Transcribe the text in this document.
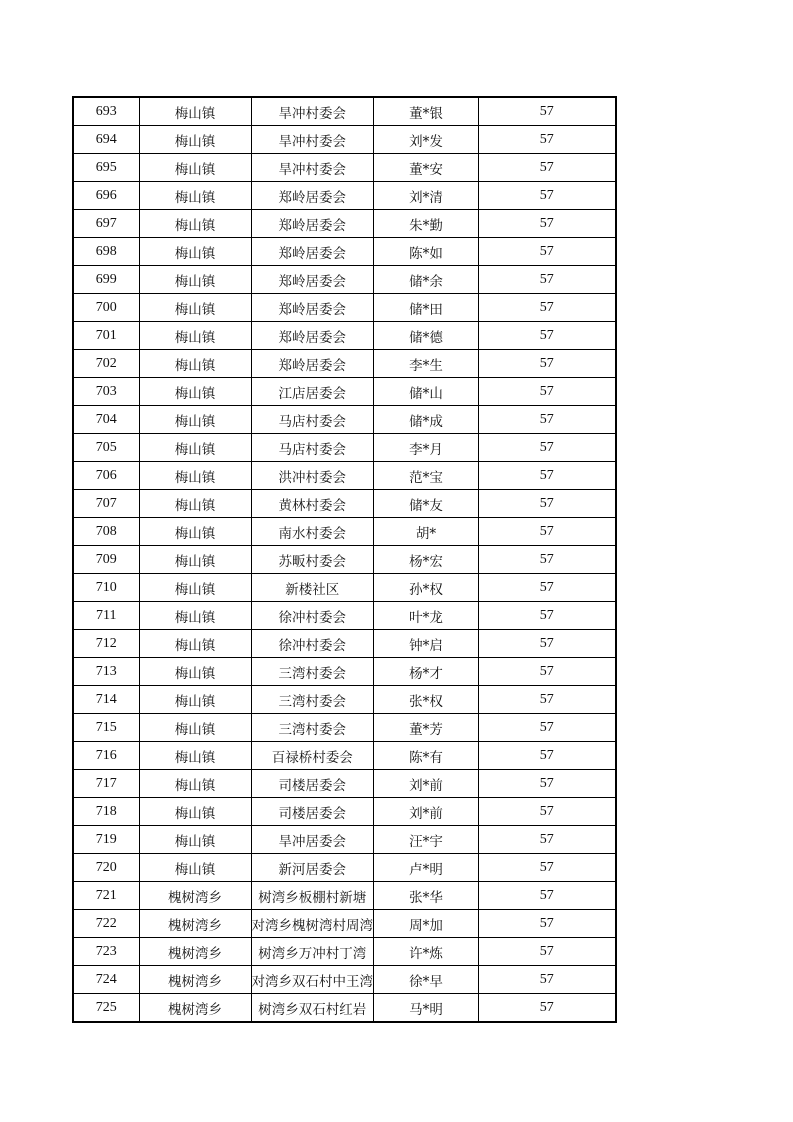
693	梅山镇	旱冲村委会	董*银	57
694	梅山镇	旱冲村委会	刘*发	57
695	梅山镇	旱冲村委会	董*安	57
696	梅山镇	郑岭居委会	刘*清	57
697	梅山镇	郑岭居委会	朱*勤	57
698	梅山镇	郑岭居委会	陈*如	57
699	梅山镇	郑岭居委会	储*余	57
700	梅山镇	郑岭居委会	储*田	57
701	梅山镇	郑岭居委会	储*德	57
702	梅山镇	郑岭居委会	李*生	57
703	梅山镇	江店居委会	储*山	57
704	梅山镇	马店村委会	储*成	57
705	梅山镇	马店村委会	李*月	57
706	梅山镇	洪冲村委会	范*宝	57
707	梅山镇	黄林村委会	储*友	57
708	梅山镇	南水村委会	胡*	57
709	梅山镇	苏畈村委会	杨*宏	57
710	梅山镇	新楼社区	孙*权	57
711	梅山镇	徐冲村委会	叶*龙	57
712	梅山镇	徐冲村委会	钟*启	57
713	梅山镇	三湾村委会	杨*才	57
714	梅山镇	三湾村委会	张*权	57
715	梅山镇	三湾村委会	董*芳	57
716	梅山镇	百禄桥村委会	陈*有	57
717	梅山镇	司楼居委会	刘*前	57
718	梅山镇	司楼居委会	刘*前	57
719	梅山镇	旱冲居委会	汪*宇	57
720	梅山镇	新河居委会	卢*明	57
721	槐树湾乡	树湾乡板棚村新塘	张*华	57
722	槐树湾乡	对湾乡槐树湾村周湾	周*加	57
723	槐树湾乡	树湾乡万冲村丁湾	许*炼	57
724	槐树湾乡	对湾乡双石村中王湾	徐*早	57
725	槐树湾乡	树湾乡双石村红岩	马*明	57
